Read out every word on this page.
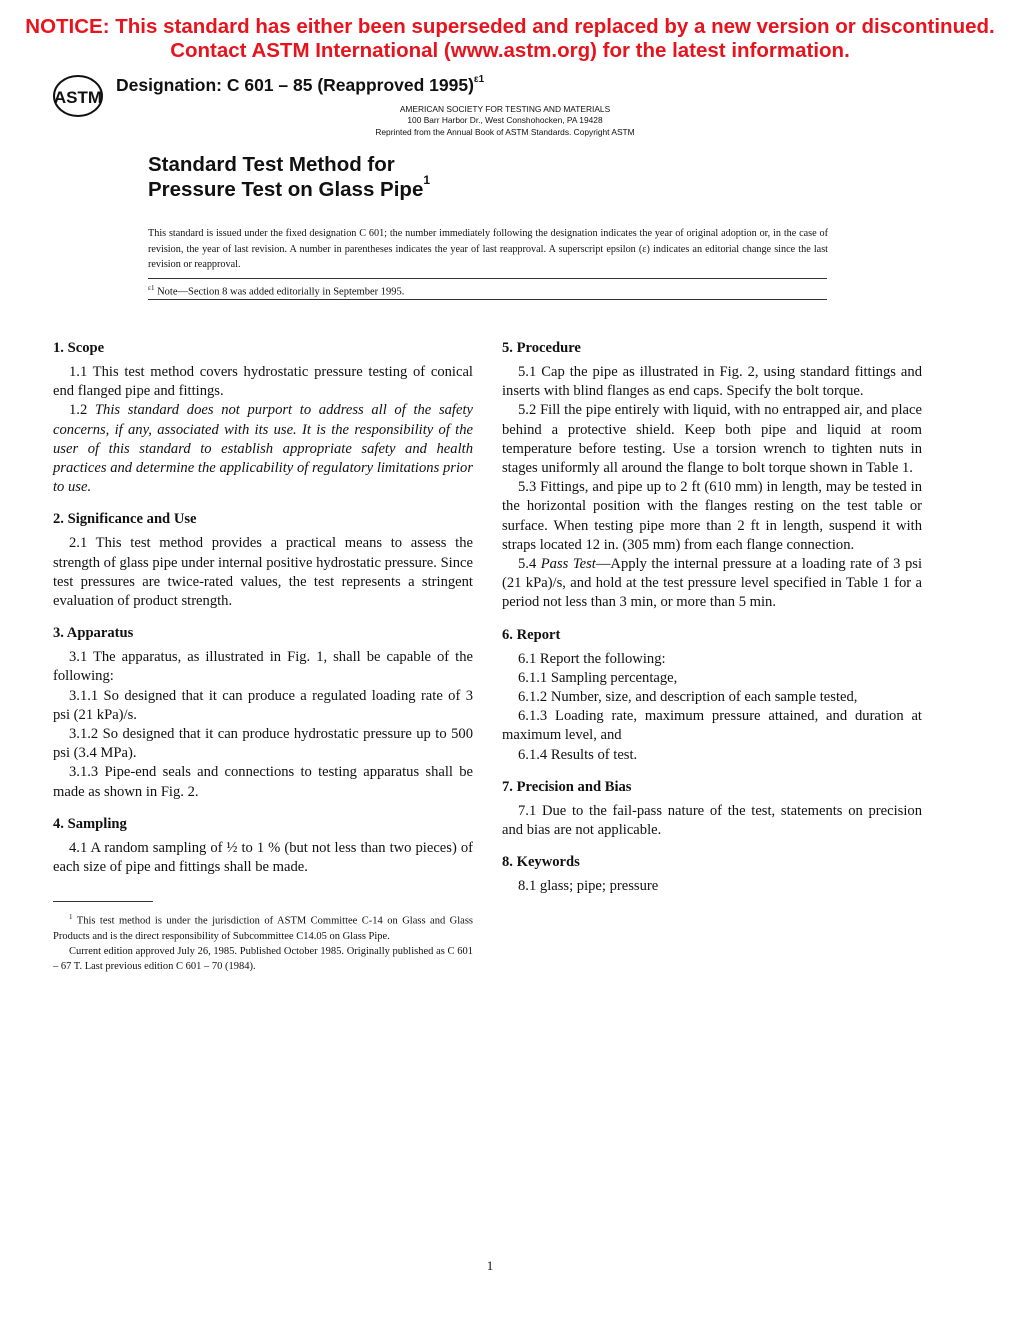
NOTICE: This standard has either been superseded and replaced by a new version or discontinued.
Contact ASTM International (www.astm.org) for the latest information.
ASTM
Designation: C 601 – 85 (Reapproved 1995)$^{\varepsilon 1}$
AMERICAN SOCIETY FOR TESTING AND MATERIALS
100 Barr Harbor Dr., West Conshohocken, PA 19428
Reprinted from the Annual Book of ASTM Standards. Copyright ASTM
Standard Test Method for
Pressure Test on Glass Pipe$^1$

This standard is issued under the fixed designation C 601; the number immediately following the designation indicates the year of original adoption or, in the case of revision, the year of last revision. A number in parentheses indicates the year of last reapproval. A superscript epsilon (ε) indicates an editorial change since the last revision or reapproval.

$^{\varepsilon 1}$ Note—Section 8 was added editorially in September 1995.
1. Scope

1.1 This test method covers hydrostatic pressure testing of conical end flanged pipe and fittings.

1.2 This standard does not purport to address all of the safety concerns, if any, associated with its use. It is the responsibility of the user of this standard to establish appropriate safety and health practices and determine the applicability of regulatory limitations prior to use.

2. Significance and Use

2.1 This test method provides a practical means to assess the strength of glass pipe under internal positive hydrostatic pressure. Since test pressures are twice-rated values, the test represents a stringent evaluation of product strength.

3. Apparatus

3.1 The apparatus, as illustrated in Fig. 1, shall be capable of the following:

3.1.1 So designed that it can produce a regulated loading rate of 3 psi (21 kPa)/s.

3.1.2 So designed that it can produce hydrostatic pressure up to 500 psi (3.4 MPa).

3.1.3 Pipe-end seals and connections to testing apparatus shall be made as shown in Fig. 2.

4. Sampling

4.1 A random sampling of ½ to 1 % (but not less than two pieces) of each size of pipe and fittings shall be made.

5. Procedure

5.1 Cap the pipe as illustrated in Fig. 2, using standard fittings and inserts with blind flanges as end caps. Specify the bolt torque.

5.2 Fill the pipe entirely with liquid, with no entrapped air, and place behind a protective shield. Keep both pipe and liquid at room temperature before testing. Use a torsion wrench to tighten nuts in stages uniformly all around the flange to bolt torque shown in Table 1.

5.3 Fittings, and pipe up to 2 ft (610 mm) in length, may be tested in the horizontal position with the flanges resting on the test table or surface. When testing pipe more than 2 ft in length, suspend it with straps located 12 in. (305 mm) from each flange connection.

5.4 Pass Test—Apply the internal pressure at a loading rate of 3 psi (21 kPa)/s, and hold at the test pressure level specified in Table 1 for a period not less than 3 min, or more than 5 min.

6. Report

6.1 Report the following:

6.1.1 Sampling percentage,

6.1.2 Number, size, and description of each sample tested,

6.1.3 Loading rate, maximum pressure attained, and duration at maximum level, and

6.1.4 Results of test.

7. Precision and Bias

7.1 Due to the fail-pass nature of the test, statements on precision and bias are not applicable.

8. Keywords

8.1 glass; pipe; pressure

$^1$ This test method is under the jurisdiction of ASTM Committee C-14 on Glass and Glass Products and is the direct responsibility of Subcommittee C14.05 on Glass Pipe.

Current edition approved July 26, 1985. Published October 1985. Originally published as C 601 – 67 T. Last previous edition C 601 – 70 (1984).

1
